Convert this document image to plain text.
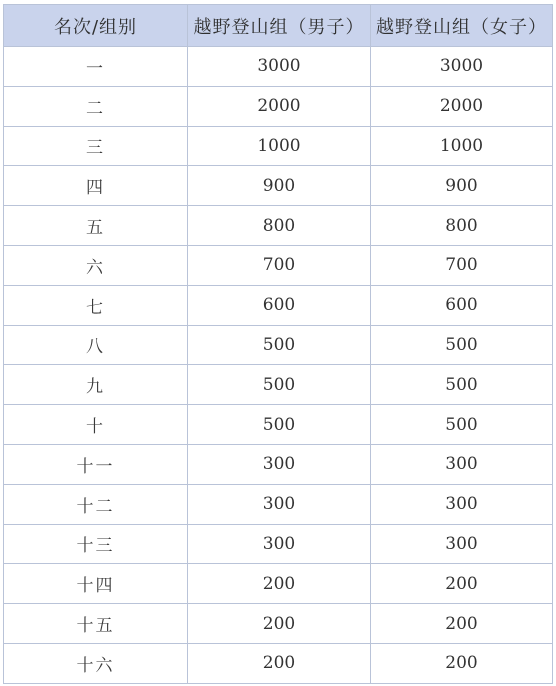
名次/组别	越野登山组（男子）	越野登山组（女子）
一	3000	3000
二	2000	2000
三	1000	1000
四	900	900
五	800	800
六	700	700
七	600	600
八	500	500
九	500	500
十	500	500
十一	300	300
十二	300	300
十三	300	300
十四	200	200
十五	200	200
十六	200	200
